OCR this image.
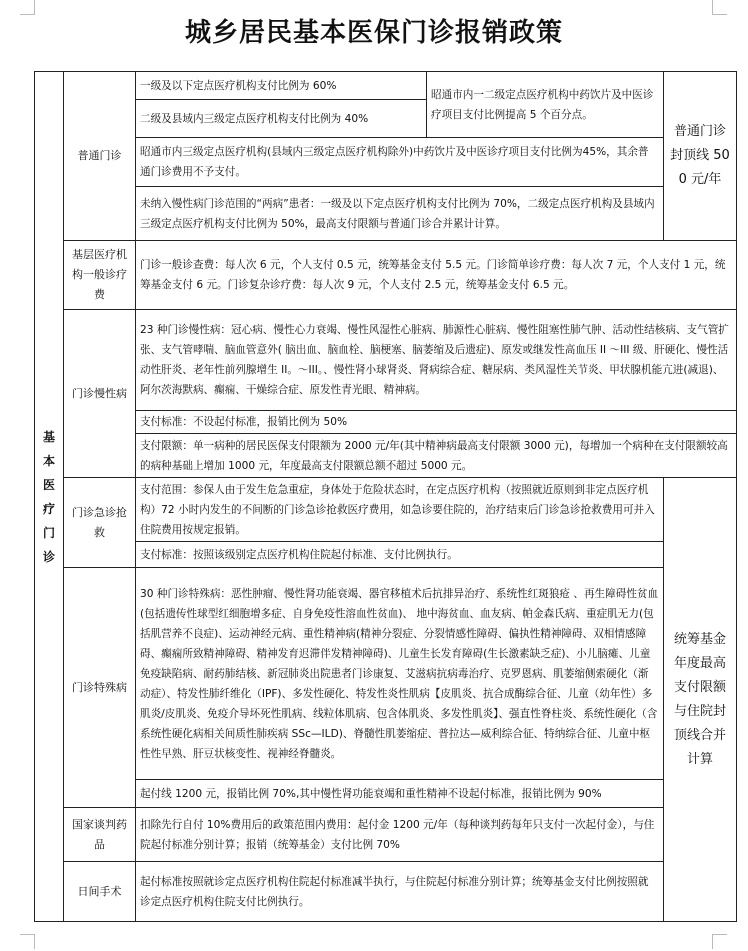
城乡居民基本医保门诊报销政策
基本医疗门诊	普通门诊	一级及以下定点医疗机构支付比例为 60%	昭通市内一二级定点医疗机构中药饮片及中医诊疗项目支付比例提高 5 个百分点。	普通门诊封顶线 500 元/年
		二级及县域内三级定点医疗机构支付比例为 40%		
		昭通市内三级定点医疗机构(县域内三级定点医疗机构除外)中药饮片及中医诊疗项目支付比例为45%，其余普通门诊费用不予支付。		
		未纳入慢性病门诊范围的“两病”患者：一级及以下定点医疗机构支付比例为 70%，二级定点医疗机构及县域内三级定点医疗机构支付比例为 50%，最高支付限额与普通门诊合并累计计算。		
	基层医疗机构一般诊疗费	门诊一般诊查费：每人次 6 元，个人支付 0.5 元，统筹基金支付 5.5 元。门诊简单诊疗费：每人次 7 元，个人支付 1 元，统筹基金支付 6 元。门诊复杂诊疗费：每人次 9 元，个人支付 2.5 元，统筹基金支付 6.5 元。		
	门诊慢性病	23 种门诊慢性病：冠心病、慢性心力衰竭、慢性风湿性心脏病、肺源性心脏病、慢性阻塞性肺气肿、活动性结核病、支气管扩张、支气管哮喘、脑血管意外( 脑出血、脑血栓、脑梗塞、脑萎缩及后遗症)、原发或继发性高血压 II ～III 级、肝硬化、慢性活动性肝炎、老年性前列腺增生 II。～III。、慢性肾小球肾炎、肾病综合症、糖尿病、类风湿性关节炎、甲状腺机能亢进(减退)、阿尔茨海默病、癫痫、干燥综合症、原发性青光眼、精神病。		
		支付标准：不设起付标准，报销比例为 50%		
		支付限额：单一病种的居民医保支付限额为 2000 元/年(其中精神病最高支付限额 3000 元)，每增加一个病种在支付限额较高的病种基础上增加 1000 元，年度最高支付限额总额不超过 5000 元。		
	门诊急诊抢救	支付范围：参保人由于发生危急重症，身体处于危险状态时，在定点医疗机构（按照就近原则到非定点医疗机构）72 小时内发生的不间断的门诊急诊抢救医疗费用，如急诊要住院的，治疗结束后门诊急诊抢救费用可并入住院费用按规定报销。		统筹基金年度最高支付限额与住院封顶线合并计算
		支付标准：按照该级别定点医疗机构住院起付标准、支付比例执行。		
	门诊特殊病	30 种门诊特殊病：恶性肿瘤、慢性肾功能衰竭、器官移植术后抗排异治疗、系统性红斑狼疮 、再生障碍性贫血(包括遗传性球型红细胞增多症、自身免疫性溶血性贫血)、 地中海贫血、血友病、帕金森氏病、重症肌无力(包括肌营养不良症)、运动神经元病、重性精神病(精神分裂症、分裂情感性障碍、偏执性精神障碍、双相情感障碍、癫痫所致精神障碍、精神发育迟滞伴发精神障碍)、儿童生长发育障碍(生长激素缺乏症)、小儿脑瘫、儿童免疫缺陷病、耐药肺结核、新冠肺炎出院患者门诊康复、艾滋病抗病毒治疗、克罗恩病、肌萎缩侧索硬化（渐动症）、特发性肺纤维化（IPF)、多发性硬化、特发性炎性肌病【皮肌炎、抗合成酶综合征、儿童（幼年性）多肌炎/皮肌炎、免疫介导坏死性肌病、线粒体肌病、包含体肌炎、多发性肌炎】、强直性脊柱炎、系统性硬化（含系统性硬化病相关间质性肺疾病 SSc—ILD)、脊髓性肌萎缩症、普拉达—威利综合征、特纳综合征、儿童中枢性性早熟、肝豆状核变性、视神经脊髓炎。		
		起付线 1200 元，报销比例 70%,其中慢性肾功能衰竭和重性精神不设起付标准，报销比例为 90%		
	国家谈判药品	扣除先行自付 10%费用后的政策范围内费用：起付金 1200 元/年（每种谈判药每年只支付一次起付金），与住院起付标准分别计算；报销（统筹基金）支付比例 70%		
	日间手术	起付标准按照就诊定点医疗机构住院起付标准减半执行，与住院起付标准分别计算；统筹基金支付比例按照就诊定点医疗机构住院支付比例执行。		
